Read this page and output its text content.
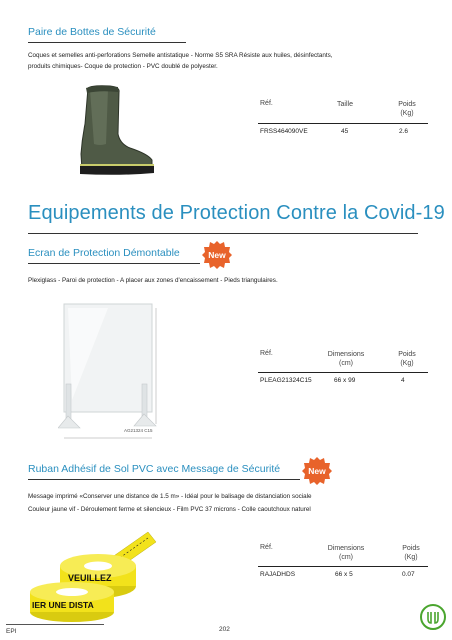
Paire de Bottes de Sécurité
Coques et semelles anti-perforations Semelle antistatique - Norme S5 SRA Résiste aux huiles, désinfectants,
produits chimiques- Coque de protection - PVC doublé de polyester.
Réf.	Taille	Poids
(Kg)
FRSS464090VE	45	2.6
Equipements de Protection Contre la Covid-19
Ecran de Protection Démontable	New
Plexiglass - Paroi de protection - A placer aux zones d'encaissement - Pieds triangulaires.
AG21324 C15
Réf.	Dimensions
(cm)
Poids
(Kg)
PLEAG21324C15	66 x 99	4
Ruban Adhésif de Sol PVC avec Message de Sécurité	New
Message imprimé «Conserver une distance de 1.5 m» - Idéal pour le balisage de distanciation sociale
Couleur jaune vif - Déroulement ferme et silencieux - Film PVC 37 microns - Colle caoutchoux naturel
VEUILLEZ
IER UNE DISTA
Réf.	Dimensions
(cm)
Poids
(Kg)
RAJADHDS	66 x 5	0.07
EPI	202
